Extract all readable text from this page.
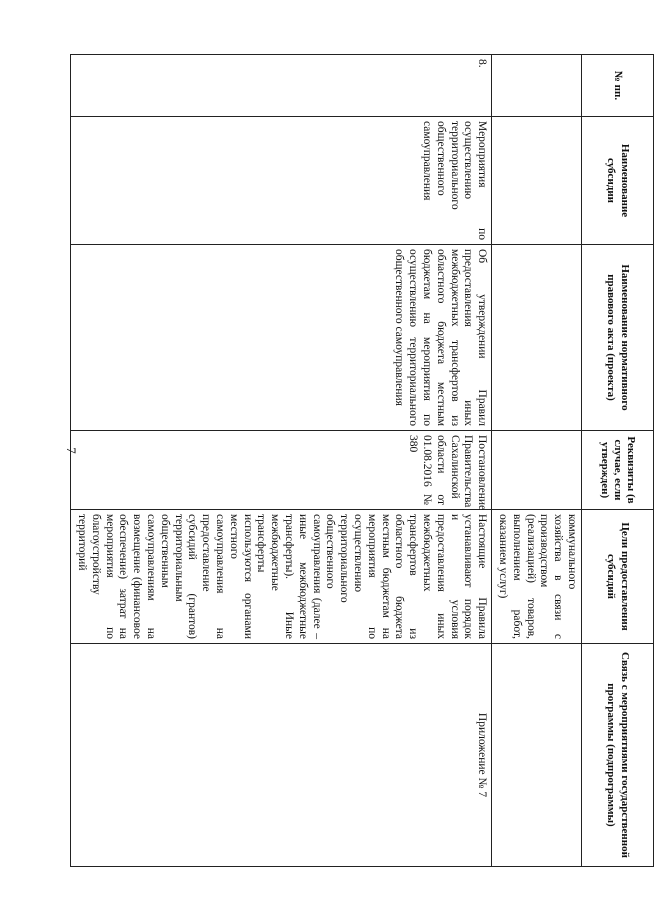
7
№ пп.	Наименование субсидии	Наименование нормативного правового акта (проекта)	Реквизиты (в случае, если утвержден)	Цели предоставления субсидий	Связь с мероприятиями государственной программы (подпрограммы)
				коммунального хозяйства в связи с производством (реализацией) товаров, выполнением работ, оказанием услуг)	
8.	Мероприятия по осуществлению территориального общественного самоуправления	Об утверждении Правил предоставления иных межбюджетных трансфертов из областного бюджета местным бюджетам на мероприятия по осуществлению территориального общественного самоуправления	Постановление Правительства Сахалинской области от 01.08.2016 № 380	Настоящие Правила устанавливают порядок и условия предоставления иных межбюджетных трансфертов из областного бюджета местным бюджетам на мероприятия по осуществлению территориального общественного самоуправления (далее – иные межбюджетные трансферты). Иные межбюджетные трансферты используются органами местного самоуправления на предоставление субсидий (грантов) территориальным общественным самоуправлениям на возмещение (финансовое обеспечение) затрат на мероприятия по благоустройству территорий	Приложение № 7
